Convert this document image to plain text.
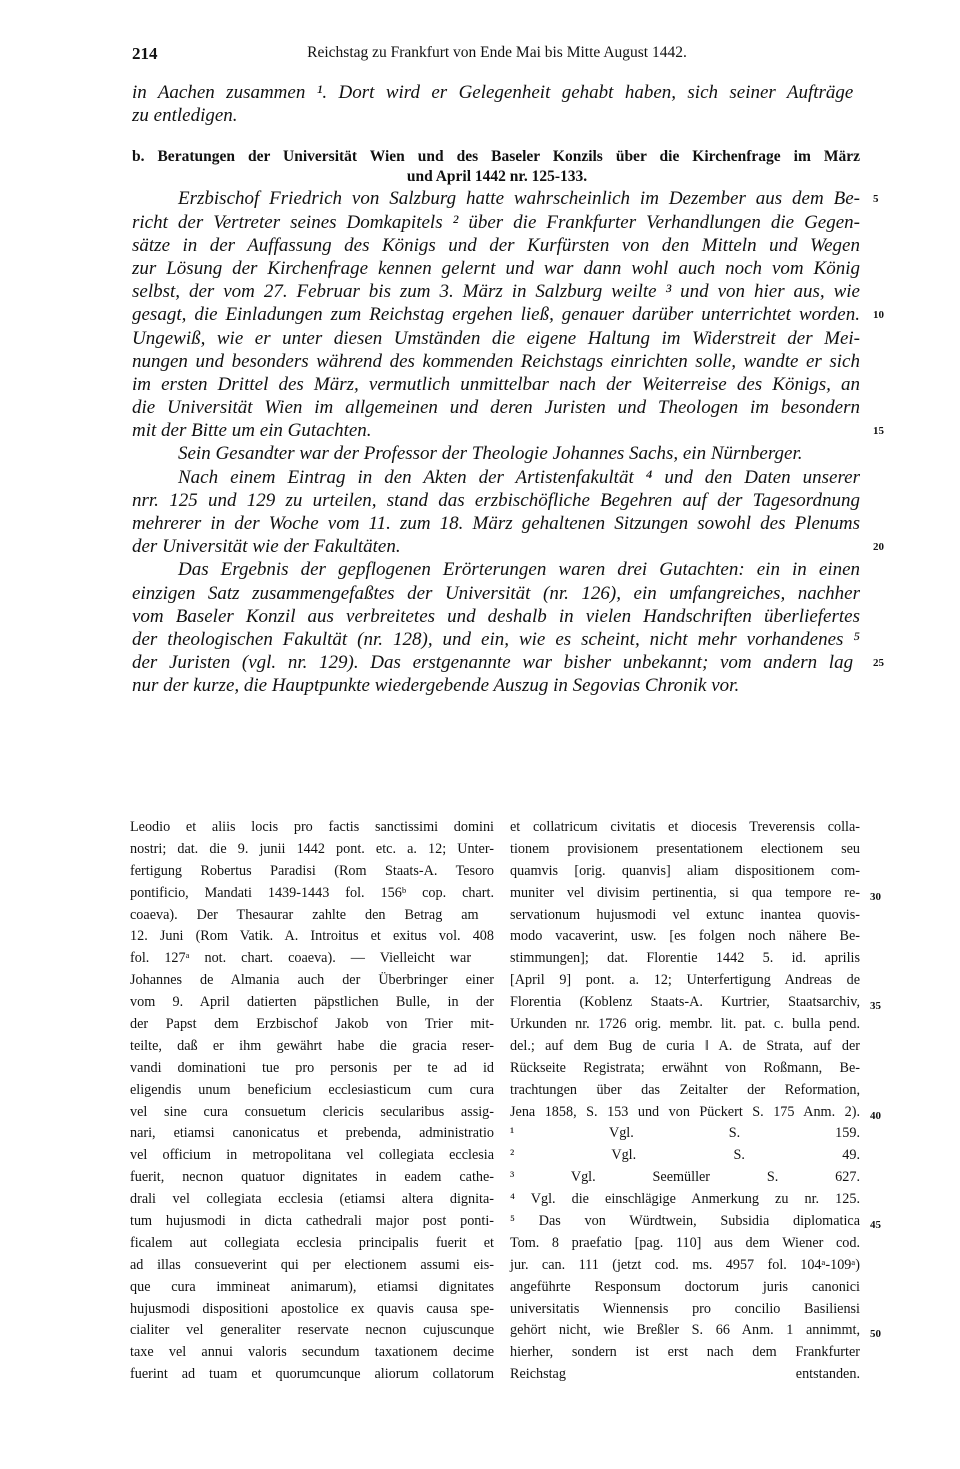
214	Reichstag zu Frankfurt von Ende Mai bis Mitte August 1442.
in Aachen zusammen ¹. Dort wird er Gelegenheit gehabt haben, sich seiner Aufträge
zu entledigen.
b. Beratungen der Universität Wien und des Baseler Konzils über die Kirchenfrage im März
und April 1442 nr. 125-133.
Erzbischof Friedrich von Salzburg hatte wahrscheinlich im Dezember aus dem Be- 5
richt der Vertreter seines Domkapitels ² über die Frankfurter Verhandlungen die Gegen-
sätze in der Auffassung des Königs und der Kurfürsten von den Mitteln und Wegen
zur Lösung der Kirchenfrage kennen gelernt und war dann wohl auch noch vom König
selbst, der vom 27. Februar bis zum 3. März in Salzburg weilte ³ und von hier aus, wie
gesagt, die Einladungen zum Reichstag ergehen ließ, genauer darüber unterrichtet worden. 10
Ungewiß, wie er unter diesen Umständen die eigene Haltung im Widerstreit der Mei-
nungen und besonders während des kommenden Reichstags einrichten solle, wandte er sich
im ersten Drittel des März, vermutlich unmittelbar nach der Weiterreise des Königs, an
die Universität Wien im allgemeinen und deren Juristen und Theologen im besondern
mit der Bitte um ein Gutachten.	15
Sein Gesandter war der Professor der Theologie Johannes Sachs, ein Nürnberger.
Nach einem Eintrag in den Akten der Artistenfakultät ⁴ und den Daten unserer
nrr. 125 und 129 zu urteilen, stand das erzbischöfliche Begehren auf der Tagesordnung
mehrerer in der Woche vom 11. zum 18. März gehaltenen Sitzungen sowohl des Plenums
der Universität wie der Fakultäten.	20
Das Ergebnis der gepflogenen Erörterungen waren drei Gutachten: ein in einen
einzigen Satz zusammengefaßtes der Universität (nr. 126), ein umfangreiches, nachher
vom Baseler Konzil aus verbreitetes und deshalb in vielen Handschriften überliefertes
der theologischen Fakultät (nr. 128), und ein, wie es scheint, nicht mehr vorhandenes ⁵
der Juristen (vgl. nr. 129). Das erstgenannte war bisher unbekannt; vom andern lag 25
nur der kurze, die Hauptpunkte wiedergebende Auszug in Segovias Chronik vor.
Leodio et aliis locis pro factis sanctissimi domini
nostri; dat. die 9. junii 1442 pont. etc. a. 12; Unter-
fertigung Robertus Paradisi (Rom Staats-A. Tesoro
pontificio, Mandati 1439-1443 fol. 156ᵇ cop. chart.
coaeva). Der Thesaurar zahlte den Betrag am
12. Juni (Rom Vatik. A. Introitus et exitus vol. 408
fol. 127ᵃ not. chart. coaeva). — Vielleicht war
Johannes de Almania auch der Überbringer einer
vom 9. April datierten päpstlichen Bulle, in der
der Papst dem Erzbischof Jakob von Trier mit-
teilte, daß er ihm gewährt habe die gracia reser-
vandi dominationi tue pro personis per te ad id
eligendis unum beneficium ecclesiasticum cum cura
vel sine cura consuetum clericis secularibus assig-
nari, etiamsi canonicatus et prebenda, administratio
vel officium in metropolitana vel collegiata ecclesia
fuerit, necnon quatuor dignitates in eadem cathe-
drali vel collegiata ecclesia (etiamsi altera dignita-
tum hujusmodi in dicta cathedrali major post ponti-
ficalem aut collegiata ecclesia principalis fuerit et
ad illas consueverint qui per electionem assumi eis-
que cura immineat animarum), etiamsi dignitates
hujusmodi dispositioni apostolice ex quavis causa spe-
cialiter vel generaliter reservate necnon cujuscunque
taxe vel annui valoris secundum taxationem decime
fuerint ad tuam et quorumcunque aliorum collatorum
et collatricum civitatis et diocesis Treverensis colla-
tionem provisionem presentationem electionem seu
quamvis [orig. quanvis] aliam dispositionem com-
muniter vel divisim pertinentia, si qua tempore re- 30
servationum hujusmodi vel extunc inantea quovis-
modo vacaverint, usw. [es folgen noch nähere Be-
stimmungen]; dat. Florentie 1442 5. id. aprilis
[April 9] pont. a. 12; Unterfertigung Andreas de
Florentia (Koblenz Staats-A. Kurtrier, Staatsarchiv, 35
Urkunden nr. 1726 orig. membr. lit. pat. c. bulla pend.
del.; auf dem Bug de curia ‖ A. de Strata, auf der
Rückseite Registrata; erwähnt von Roßmann, Be-
trachtungen über das Zeitalter der Reformation,
Jena 1858, S. 153 und von Pückert S. 175 Anm. 2). 40
¹ Vgl. S. 159.
² Vgl. S. 49.
³ Vgl. Seemüller S. 627.
⁴ Vgl. die einschlägige Anmerkung zu nr. 125.
⁵ Das von Würdtwein, Subsidia diplomatica 45
Tom. 8 praefatio [pag. 110] aus dem Wiener cod.
jur. can. 111 (jetzt cod. ms. 4957 fol. 104ᵃ-109ᵃ)
angeführte Responsum doctorum juris canonici
universitatis Wiennensis pro concilio Basiliensi
gehört nicht, wie Breßler S. 66 Anm. 1 annimmt, 50
hierher, sondern ist erst nach dem Frankfurter
Reichstag entstanden.
